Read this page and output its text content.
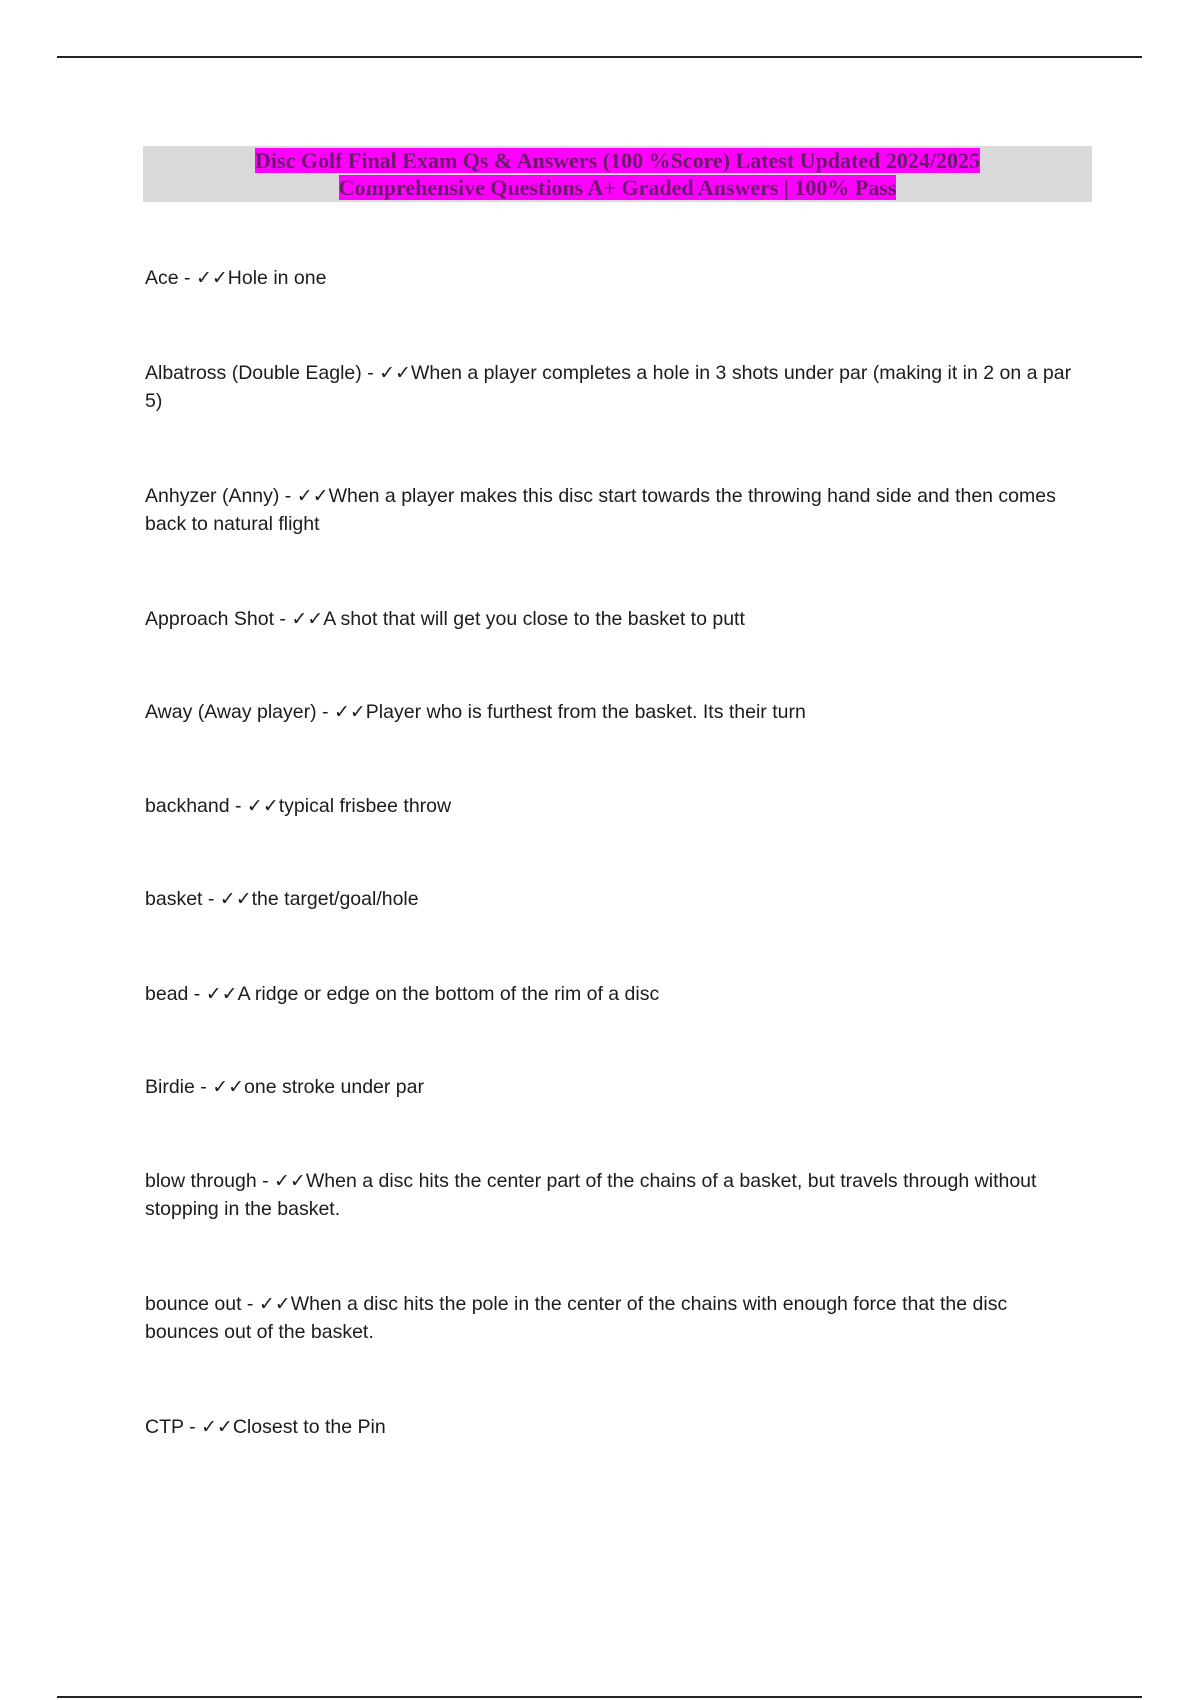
Disc Golf Final Exam Qs & Answers (100 %Score) Latest Updated 2024/2025
Comprehensive Questions A+ Graded Answers | 100% Pass
Ace - ✓✓Hole in one
Albatross (Double Eagle) - ✓✓When a player completes a hole in 3 shots under par (making it in 2 on a par 5)
Anhyzer (Anny) - ✓✓When a player makes this disc start towards the throwing hand side and then comes back to natural flight
Approach Shot - ✓✓A shot that will get you close to the basket to putt
Away (Away player) - ✓✓Player who is furthest from the basket. Its their turn
backhand - ✓✓typical frisbee throw
basket - ✓✓the target/goal/hole
bead - ✓✓A ridge or edge on the bottom of the rim of a disc
Birdie - ✓✓one stroke under par
blow through - ✓✓When a disc hits the center part of the chains of a basket, but travels through without stopping in the basket.
bounce out - ✓✓When a disc hits the pole in the center of the chains with enough force that the disc bounces out of the basket.
CTP - ✓✓Closest to the Pin
